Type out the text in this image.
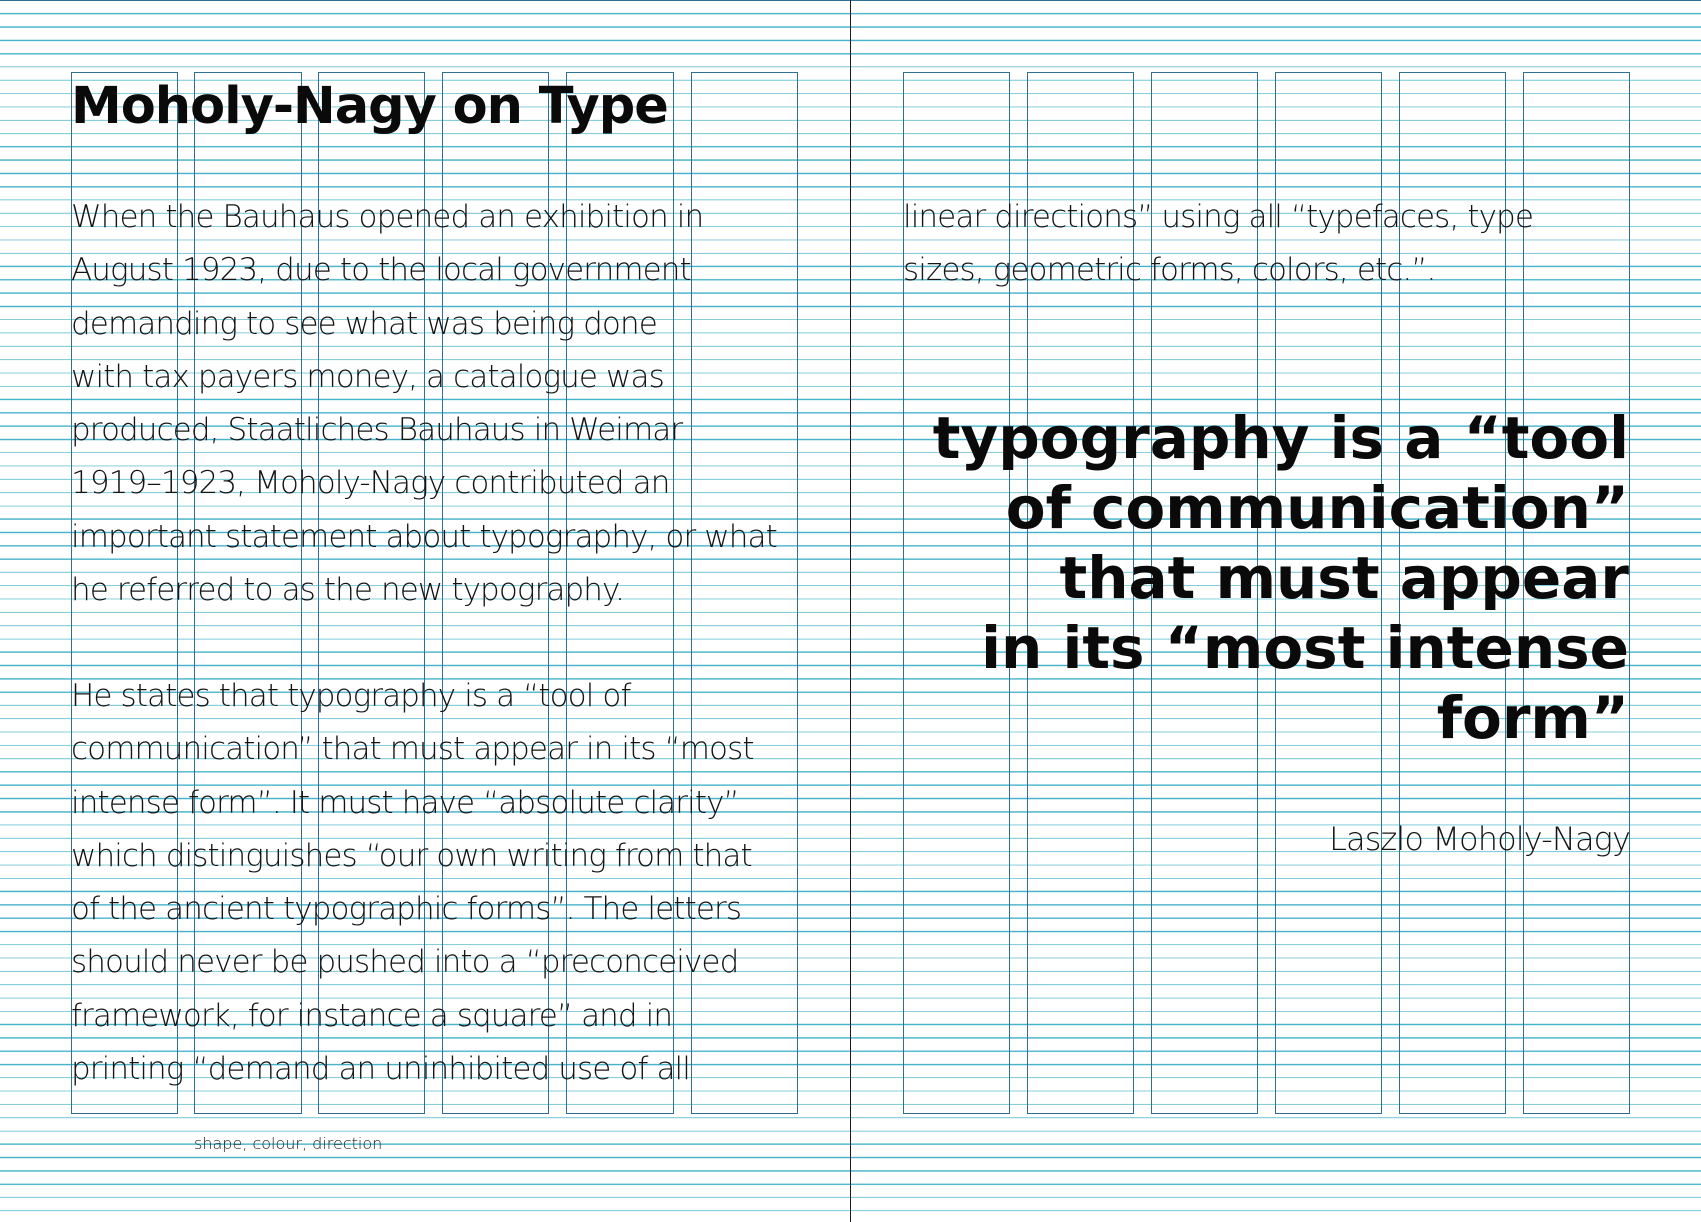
Moholy-Nagy on Type

When the Bauhaus opened an exhibition in
August 1923, due to the local government
demanding to see what was being done
with tax payers money, a catalogue was
produced, Staatliches Bauhaus in Weimar
1919–1923, Moholy-Nagy contributed an
important statement about typography, or what
he referred to as the new typography.

He states that typography is a “tool of
communication” that must appear in its “most
intense form”. It must have “absolute clarity”
which distinguishes “our own writing from that
of the ancient typographic forms”. The letters
should never be pushed into a “preconceived
framework, for instance a square” and in
printing “demand an uninhibited use of all

shape, colour, direction

linear directions” using all “typefaces, type
sizes, geometric forms, colors, etc.”.

typography is a “tool
of communication”
that must appear
in its “most intense
form”

Laszlo Moholy-Nagy
